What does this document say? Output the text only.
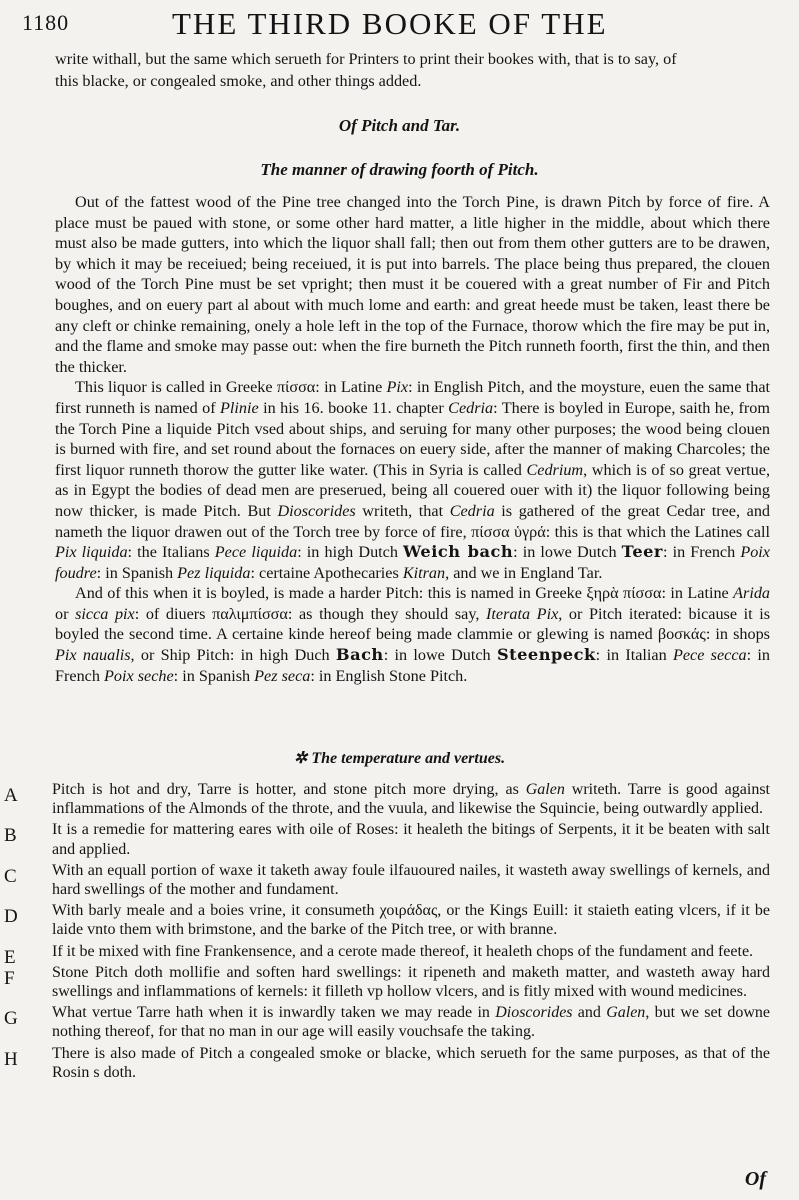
1180	THE THIRD BOOKE OF THE

write withall, but the same which serueth for Printers to print their bookes with, that is to say, of

this blacke, or congealed smoke, and other things added.

Of Pitch and Tar.
The manner of drawing foorth of Pitch.

Out of the fattest wood of the Pine tree changed into the Torch Pine, is drawn Pitch by force of fire. A place must be paued with stone, or some other hard matter, a litle higher in the middle, about which there must also be made gutters, into which the liquor shall fall; then out from them other gutters are to be drawen, by which it may be receiued; being receiued, it is put into barrels. The place being thus prepared, the clouen wood of the Torch Pine must be set vpright; then must it be couered with a great number of Fir and Pitch boughes, and on euery part al about with much lome and earth: and great heede must be taken, least there be any cleft or chinke remaining, onely a hole left in the top of the Furnace, thorow which the fire may be put in, and the flame and smoke may passe out: when the fire burneth the Pitch runneth foorth, first the thin, and then the thicker.

This liquor is called in Greeke πίσσα: in Latine Pix: in English Pitch, and the moysture, euen the same that first runneth is named of Plinie in his 16. booke 11. chapter Cedria: There is boyled in Europe, saith he, from the Torch Pine a liquide Pitch vsed about ships, and seruing for many other purposes; the wood being clouen is burned with fire, and set round about the fornaces on euery side, after the manner of making Charcoles; the first liquor runneth thorow the gutter like water. (This in Syria is called Cedrium, which is of so great vertue, as in Egypt the bodies of dead men are preserued, being all couered ouer with it) the liquor following being now thicker, is made Pitch. But Dioscorides writeth, that Cedria is gathered of the great Cedar tree, and nameth the liquor drawen out of the Torch tree by force of fire, πίσσα ὑγρά: this is that which the Latines call Pix liquida: the Italians Pece liquida: in high Dutch Weich bach: in lowe Dutch Teer: in French Poix foudre: in Spanish Pez liquida: certaine Apothecaries Kitran, and we in England Tar.

And of this when it is boyled, is made a harder Pitch: this is named in Greeke ξηρὰ πίσσα: in Latine Arida or sicca pix: of diuers παλιμπίσσα: as though they should say, Iterata Pix, or Pitch iterated: bicause it is boyled the second time. A certaine kinde hereof being made clammie or glewing is named βοσκάς: in shops Pix naualis, or Ship Pitch: in high Duch Bach: in lowe Dutch Steenpeck: in Italian Pece secca: in French Poix seche: in Spanish Pez seca: in English Stone Pitch.

✲ The temperature and vertues.
A Pitch is hot and dry, Tarre is hotter, and stone pitch more drying, as Galen writeth. Tarre is good against inflammations of the Almonds of the throte, and the vuula, and likewise the Squincie, being outwardly applied.

B It is a remedie for mattering eares with oile of Roses: it healeth the bitings of Serpents, it it be beaten with salt and applied.

C With an equall portion of waxe it taketh away foule ilfauoured nailes, it wasteth away swellings of kernels, and hard swellings of the mother and fundament.

D With barly meale and a boies vrine, it consumeth χοιράδας, or the Kings Euill: it staieth eating vlcers, if it be laide vnto them with brimstone, and the barke of the Pitch tree, or with branne.

E If it be mixed with fine Frankensence, and a cerote made thereof, it healeth chops of the fundament and feete.

F Stone Pitch doth mollifie and soften hard swellings: it ripeneth and maketh matter, and wasteth away hard swellings and inflammations of kernels: it filleth vp hollow vlcers, and is fitly mixed with wound medicines.

G What vertue Tarre hath when it is inwardly taken we may reade in Dioscorides and Galen, but we set downe nothing thereof, for that no man in our age will easily vouchsafe the taking.

H There is also made of Pitch a congealed smoke or blacke, which serueth for the same purposes, as that of the Rosin s doth.

Of
